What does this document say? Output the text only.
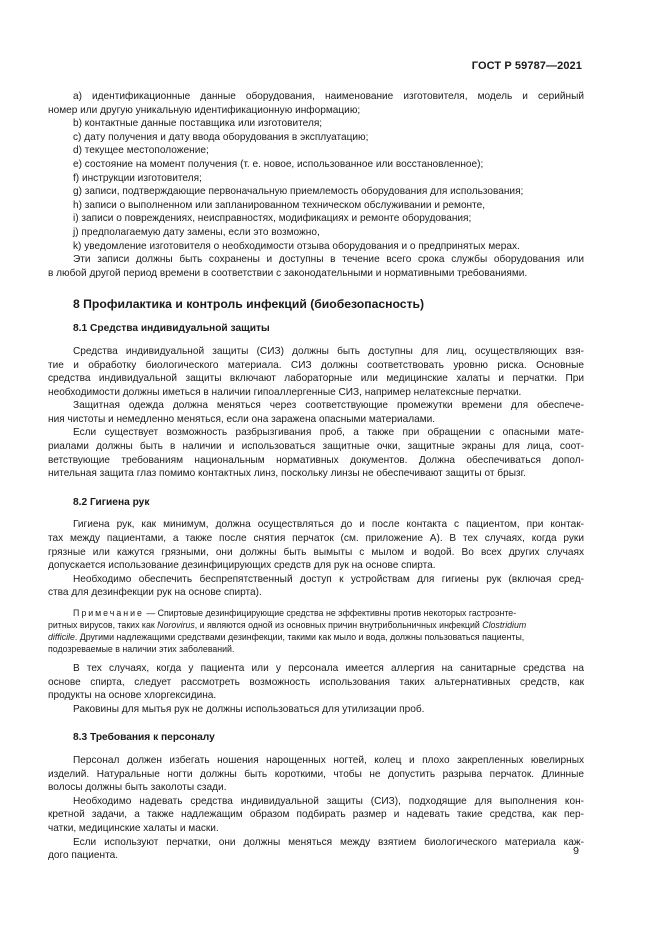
ГОСТ Р 59787—2021
а) идентификационные данные оборудования, наименование изготовителя, модель и серийный
номер или другую уникальную идентификационную информацию;
b) контактные данные поставщика или изготовителя;
c) дату получения и дату ввода оборудования в эксплуатацию;
d) текущее местоположение;
e) состояние на момент получения (т. е. новое, использованное или восстановленное);
f) инструкции изготовителя;
g) записи, подтверждающие первоначальную приемлемость оборудования для использования;
h) записи о выполненном или запланированном техническом обслуживании и ремонте,
i) записи о повреждениях, неисправностях, модификациях и ремонте оборудования;
j) предполагаемую дату замены, если это возможно,
k) уведомление изготовителя о необходимости отзыва оборудования и о предпринятых мерах.
Эти записи должны быть сохранены и доступны в течение всего срока службы оборудования или
в любой другой период времени в соответствии с законодательными и нормативными требованиями.
8 Профилактика и контроль инфекций (биобезопасность)
8.1 Средства индивидуальной защиты
Средства индивидуальной защиты (СИЗ) должны быть доступны для лиц, осуществляющих взя-
тие и обработку биологического материала. СИЗ должны соответствовать уровню риска. Основные
средства индивидуальной защиты включают лабораторные или медицинские халаты и перчатки. При
необходимости должны иметься в наличии гипоаллергенные СИЗ, например нелатексные перчатки.
Защитная одежда должна меняться через соответствующие промежутки времени для обеспече-
ния чистоты и немедленно меняться, если она заражена опасными материалами.
Если существует возможность разбрызгивания проб, а также при обращении с опасными мате-
риалами должны быть в наличии и использоваться защитные очки, защитные экраны для лица, соот-
ветствующие требованиям национальным нормативных документов. Должна обеспечиваться допол-
нительная защита глаз помимо контактных линз, поскольку линзы не обеспечивают защиты от брызг.
8.2 Гигиена рук
Гигиена рук, как минимум, должна осуществляться до и после контакта с пациентом, при контак-
тах между пациентами, а также после снятия перчаток (см. приложение А). В тех случаях, когда руки
грязные или кажутся грязными, они должны быть вымыты с мылом и водой. Во всех других случаях
допускается использование дезинфицирующих средств для рук на основе спирта.
Необходимо обеспечить беспрепятственный доступ к устройствам для гигиены рук (включая сред-
ства для дезинфекции рук на основе спирта).
Примечание — Спиртовые дезинфицирующие средства не эффективны против некоторых гастроэнте-
ритных вирусов, таких как Norovirus, и являются одной из основных причин внутрибольничных инфекций Clostridium
difficile. Другими надлежащими средствами дезинфекции, такими как мыло и вода, должны пользоваться пациенты,
подозреваемые в наличии этих заболеваний.
В тех случаях, когда у пациента или у персонала имеется аллергия на санитарные средства на
основе спирта, следует рассмотреть возможность использования таких альтернативных средств, как
продукты на основе хлоргексидина.
Раковины для мытья рук не должны использоваться для утилизации проб.
8.3 Требования к персоналу
Персонал должен избегать ношения нарощенных ногтей, колец и плохо закрепленных ювелирных
изделий. Натуральные ногти должны быть короткими, чтобы не допустить разрыва перчаток. Длинные
волосы должны быть заколоты сзади.
Необходимо надевать средства индивидуальной защиты (СИЗ), подходящие для выполнения кон-
кретной задачи, а также надлежащим образом подбирать размер и надевать такие средства, как пер-
чатки, медицинские халаты и маски.
Если используют перчатки, они должны меняться между взятием биологического материала каж-
дого пациента.	9
